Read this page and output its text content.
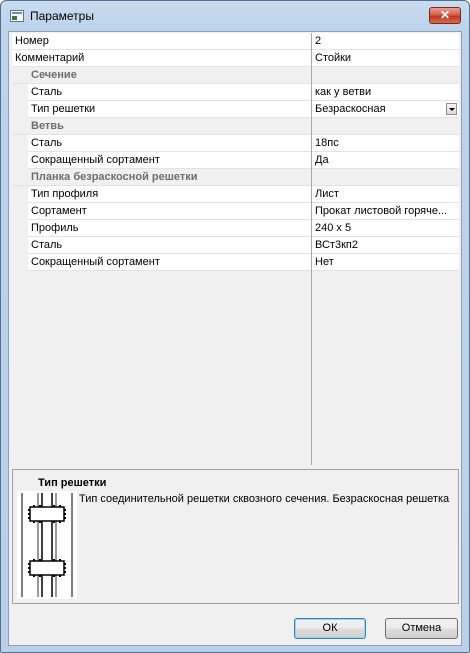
Параметры	✕
Номер	2
Комментарий	Стойки
Сечение
Сталь	как у ветви
Тип решетки	Безраскосная
Ветвь
Сталь	18пс
Сокращенный сортамент	Да
Планка безраскосной решетки
Тип профиля	Лист
Сортамент	Прокат листовой горяче...
Профиль	240 х 5
Сталь	ВСт3кп2
Сокращенный сортамент	Нет
Тип решетки
Тип соединительной решетки сквозного сечения. Безраскосная решетка
ОК	Отмена
